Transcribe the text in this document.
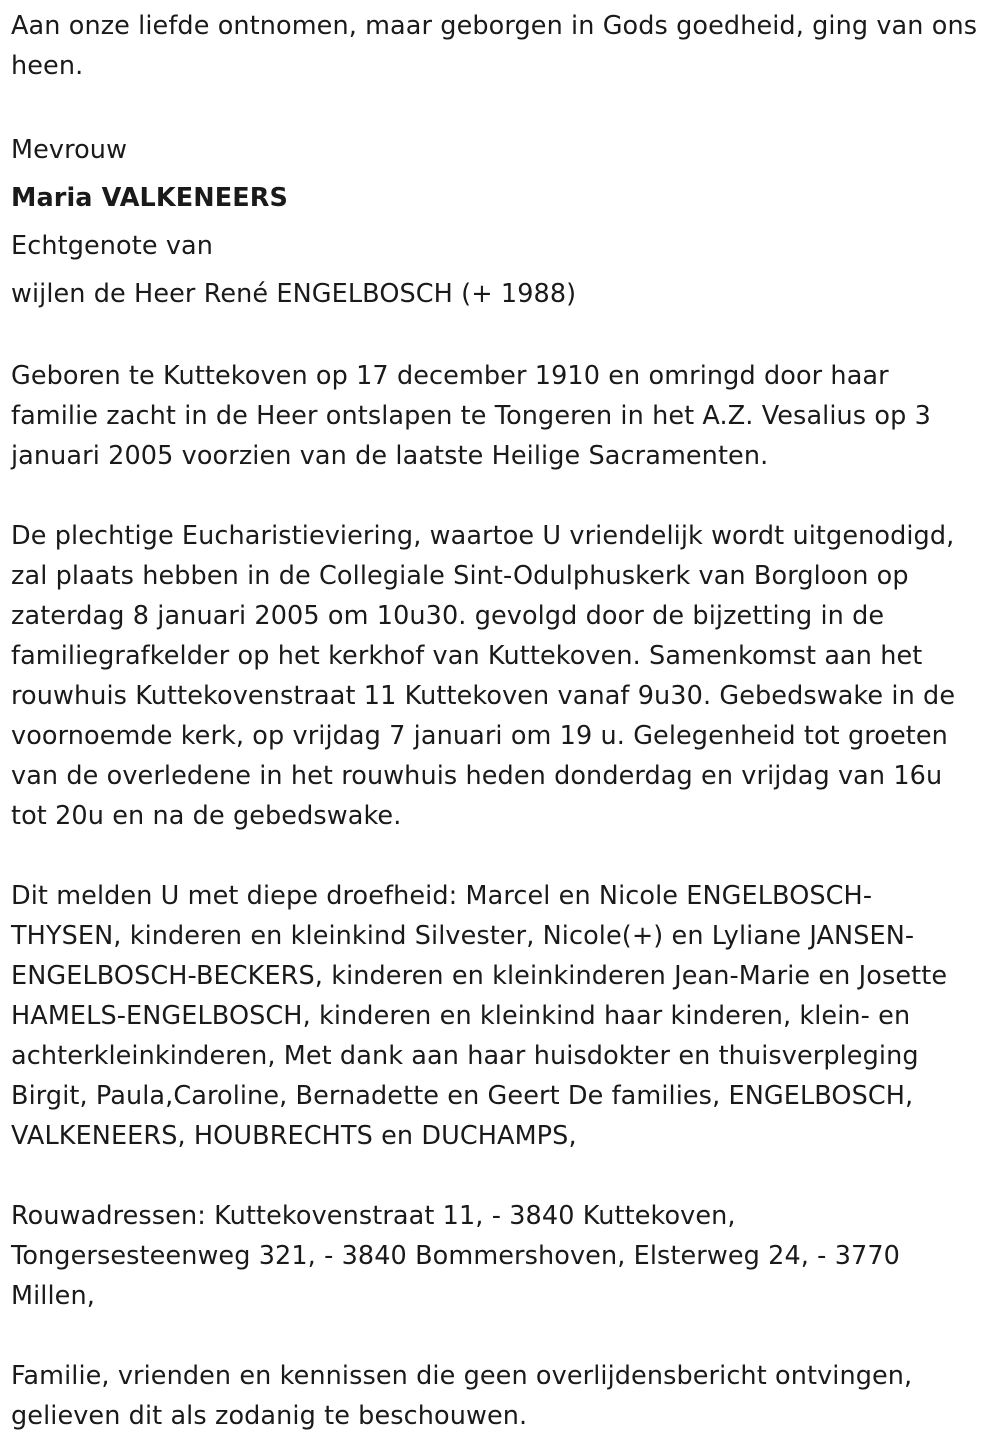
Aan onze liefde ontnomen, maar geborgen in Gods goedheid, ging van ons heen.

Mevrouw
Maria VALKENEERS
Echtgenote van
wijlen de Heer René ENGELBOSCH (+ 1988)

Geboren te Kuttekoven op 17 december 1910 en omringd door haar familie zacht in de Heer ontslapen te Tongeren in het A.Z. Vesalius op 3 januari 2005 voorzien van de laatste Heilige Sacramenten.

De plechtige Eucharistieviering, waartoe U vriendelijk wordt uitgenodigd, zal plaats hebben in de Collegiale Sint-Odulphuskerk van Borgloon op zaterdag 8 januari 2005 om 10u30. gevolgd door de bijzetting in de familiegrafkelder op het kerkhof van Kuttekoven. Samenkomst aan het rouwhuis Kuttekovenstraat 11 Kuttekoven vanaf 9u30. Gebedswake in de voornoemde kerk, op vrijdag 7 januari om 19 u. Gelegenheid tot groeten van de overledene in het rouwhuis heden donderdag en vrijdag van 16u tot 20u en na de gebedswake.

Dit melden U met diepe droefheid: Marcel en Nicole ENGELBOSCH-THYSEN, kinderen en kleinkind Silvester, Nicole(+) en Lyliane JANSEN-ENGELBOSCH-BECKERS, kinderen en kleinkinderen Jean-Marie en Josette HAMELS-ENGELBOSCH, kinderen en kleinkind haar kinderen, klein- en achterkleinkinderen, Met dank aan haar huisdokter en thuisverpleging Birgit, Paula,Caroline, Bernadette en Geert De families, ENGELBOSCH, VALKENEERS, HOUBRECHTS en DUCHAMPS,

Rouwadressen: Kuttekovenstraat 11, - 3840 Kuttekoven, Tongersesteenweg 321, - 3840 Bommershoven, Elsterweg 24, - 3770 Millen,

Familie, vrienden en kennissen die geen overlijdensbericht ontvingen, gelieven dit als zodanig te beschouwen.
